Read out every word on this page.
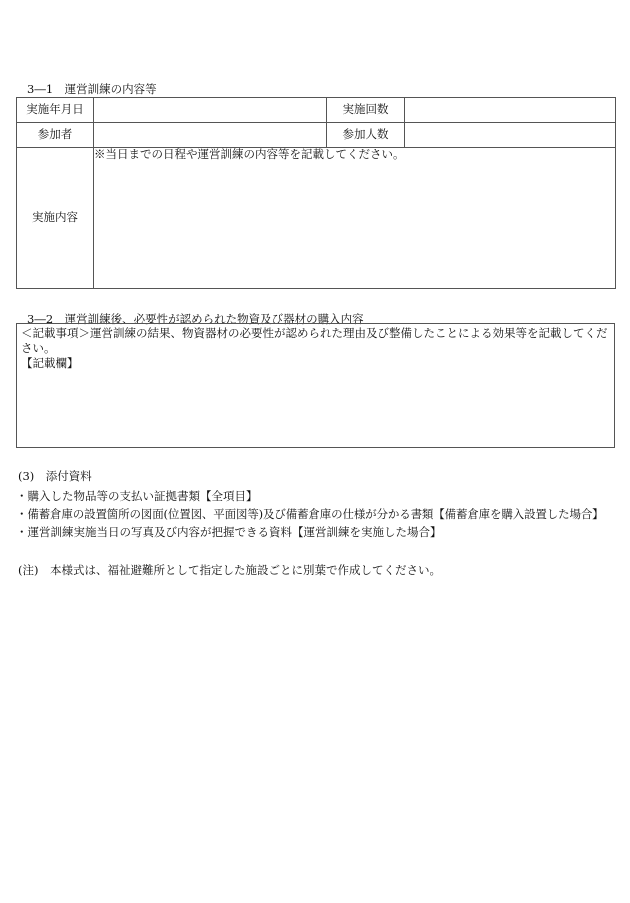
3―1　運営訓練の内容等
実施年月日		実施回数	
参加者		参加人数	
実施内容	※当日までの日程や運営訓練の内容等を記載してください。		
3―2　運営訓練後、必要性が認められた物資及び器材の購入内容
＜記載事項＞運営訓練の結果、物資器材の必要性が認められた理由及び整備したことによる効果等を記載してください。
【記載欄】
(3)　添付資料
・購入した物品等の支払い証拠書類【全項目】
・備蓄倉庫の設置箇所の図面(位置図、平面図等)及び備蓄倉庫の仕様が分かる書類【備蓄倉庫を購入設置した場合】
・運営訓練実施当日の写真及び内容が把握できる資料【運営訓練を実施した場合】
(注)　本様式は、福祉避難所として指定した施設ごとに別葉で作成してください。
